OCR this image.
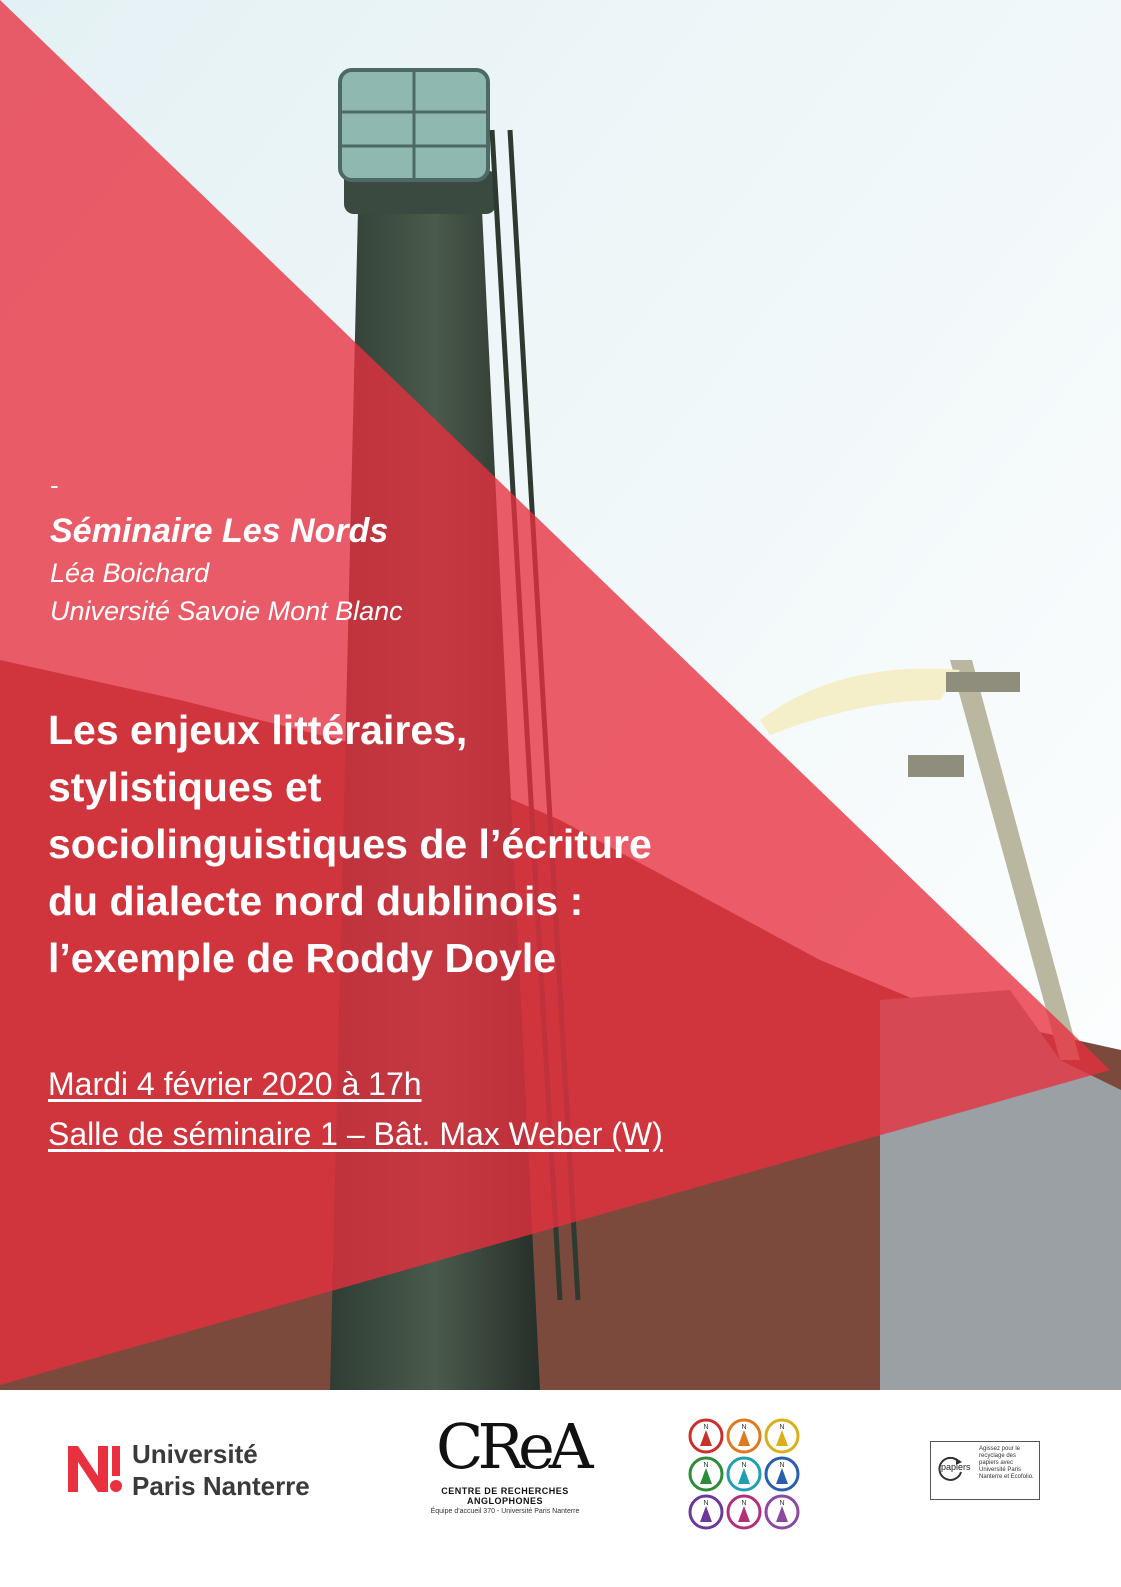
-
Séminaire Les Nords
Léa Boichard
Université Savoie Mont Blanc
Les enjeux littéraires,
stylistiques et
sociolinguistiques de l’écriture
du dialecte nord dublinois :
l’exemple de Roddy Doyle
Mardi 4 février 2020 à 17h
Salle de séminaire 1 – Bât. Max Weber (W)
Université
Paris Nanterre
CReA
CENTRE DE RECHERCHES
ANGLOPHONES
Équipe d'accueil 370 - Université Paris Nanterre
N	N	N
N	N	N
N	N	N
papiers
Agissez pour le recyclage des papiers avec Université Paris Nanterre et Ecofolio.
